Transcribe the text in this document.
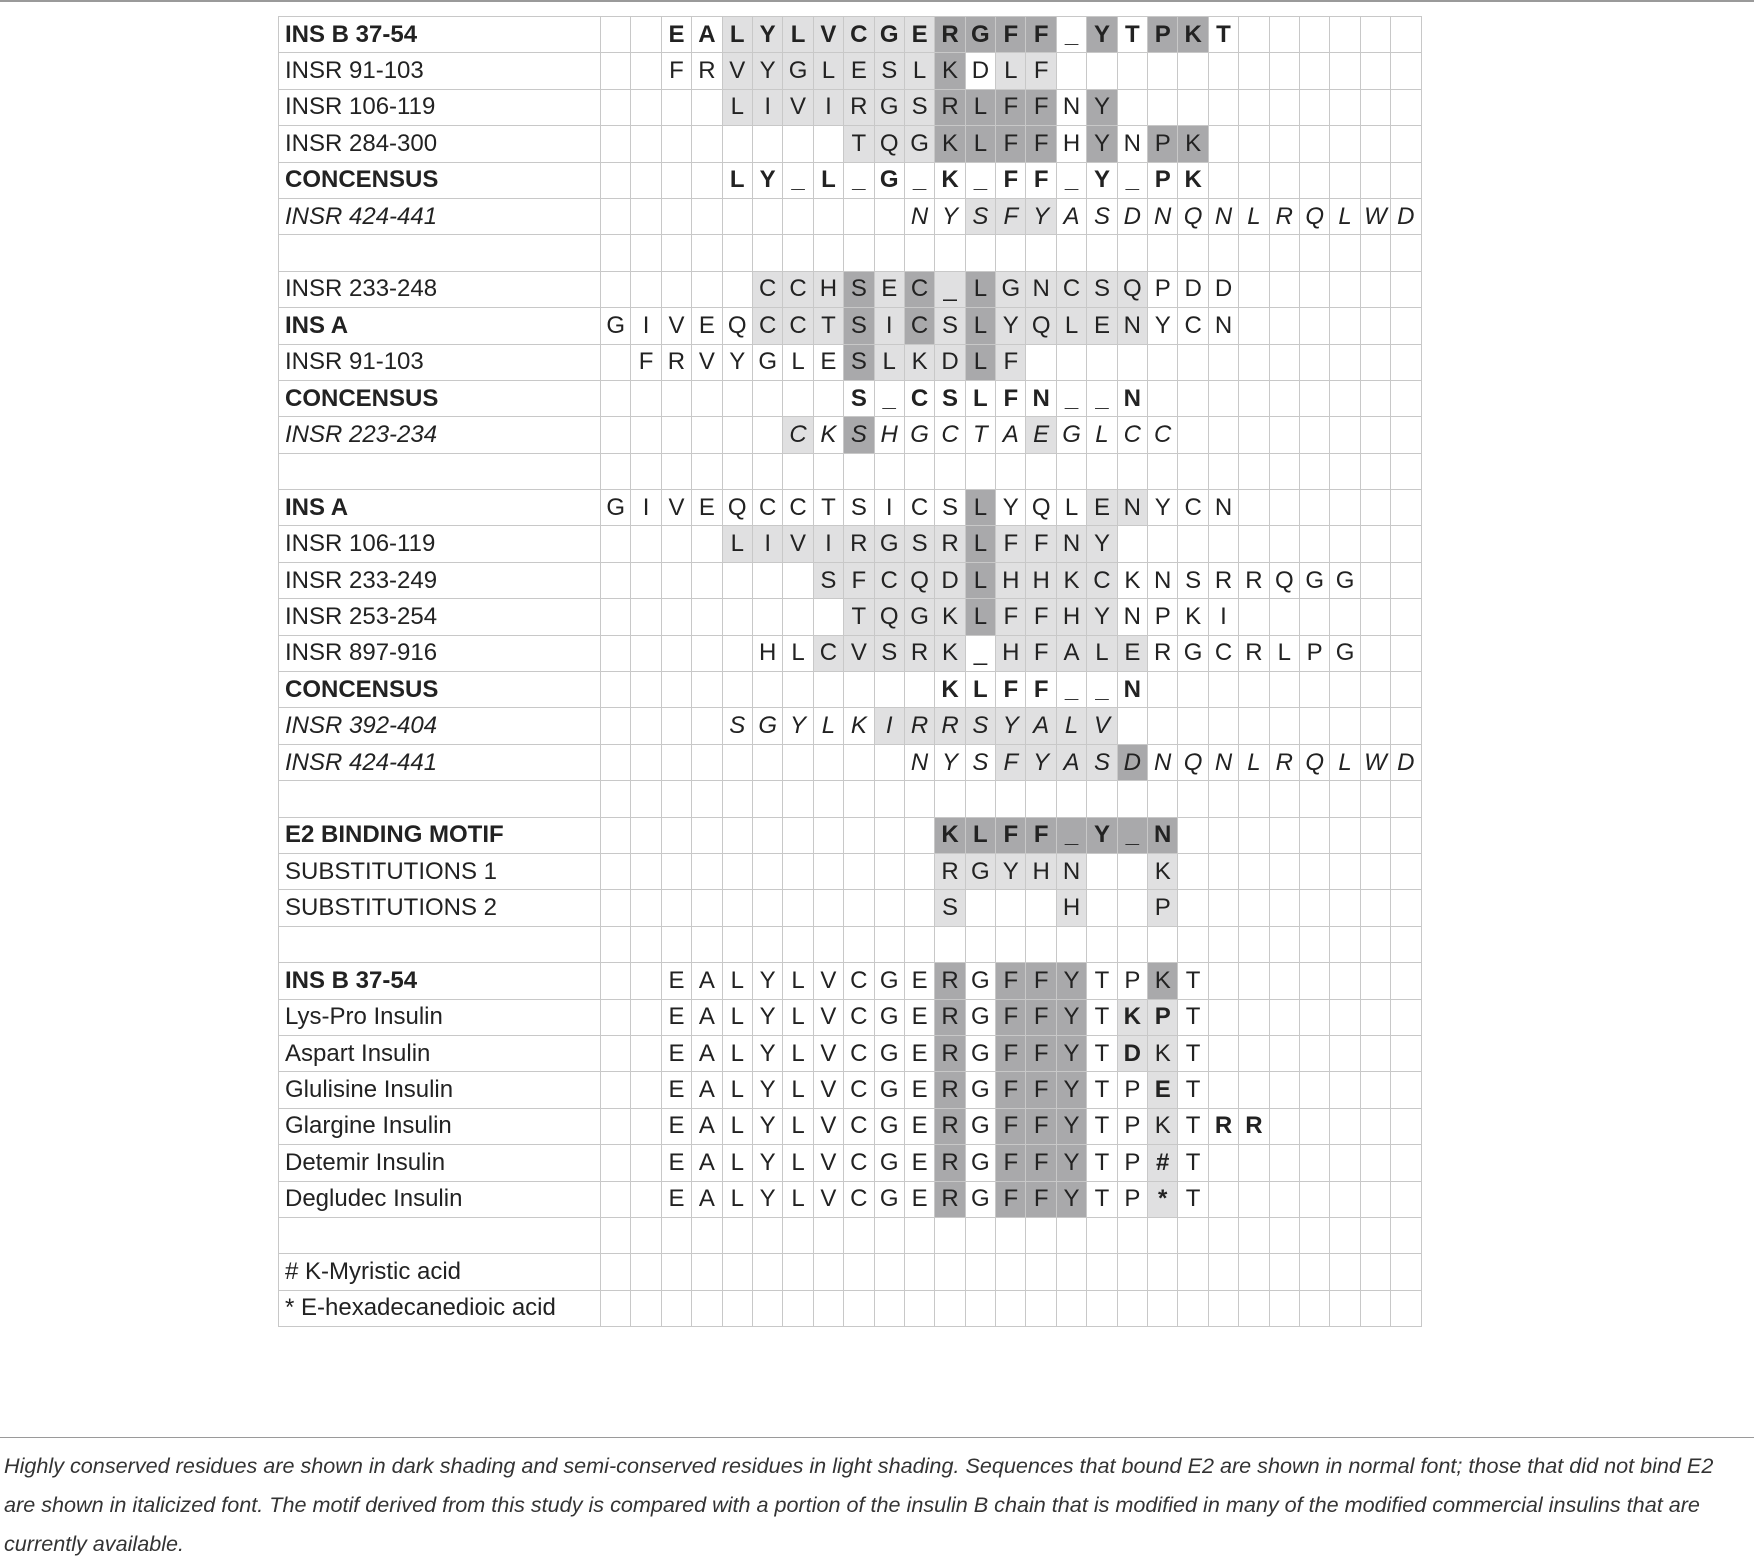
INS B 37-54			E	A	L	Y	L	V	C	G	E	R	G	F	F	_	Y	T	P	K	T						
INSR 91-103			F	R	V	Y	G	L	E	S	L	K	D	L	F												
INSR 106-119					L	I	V	I	R	G	S	R	L	F	F	N	Y										
INSR 284-300									T	Q	G	K	L	F	F	H	Y	N	P	K							
CONCENSUS					L	Y	_	L	_	G	_	K	_	F	F	_	Y	_	P	K							
INSR 424-441											N	Y	S	F	Y	A	S	D	N	Q	N	L	R	Q	L	W	D

INSR 233-248						C	C	H	S	E	C	_	L	G	N	C	S	Q	P	D	D						
INS A	G	I	V	E	Q	C	C	T	S	I	C	S	L	Y	Q	L	E	N	Y	C	N						
INSR 91-103		F	R	V	Y	G	L	E	S	L	K	D	L	F													
CONCENSUS									S	_	C	S	L	F	N	_	_	N									
INSR 223-234							C	K	S	H	G	C	T	A	E	G	L	C	C								

INS A	G	I	V	E	Q	C	C	T	S	I	C	S	L	Y	Q	L	E	N	Y	C	N						
INSR 106-119					L	I	V	I	R	G	S	R	L	F	F	N	Y										
INSR 233-249								S	F	C	Q	D	L	H	H	K	C	K	N	S	R	R	Q	G	G		
INSR 253-254									T	Q	G	K	L	F	F	H	Y	N	P	K	I						
INSR 897-916						H	L	C	V	S	R	K	_	H	F	A	L	E	R	G	C	R	L	P	G		
CONCENSUS												K	L	F	F	_	_	N									
INSR 392-404					S	G	Y	L	K	I	R	R	S	Y	A	L	V										
INSR 424-441											N	Y	S	F	Y	A	S	D	N	Q	N	L	R	Q	L	W	D

E2 BINDING MOTIF												K	L	F	F	_	Y	_	N								
SUBSTITUTIONS 1												R	G	Y	H	N			K								
SUBSTITUTIONS 2												S				H			P								

INS B 37-54			E	A	L	Y	L	V	C	G	E	R	G	F	F	Y	T	P	K	T							
Lys-Pro Insulin			E	A	L	Y	L	V	C	G	E	R	G	F	F	Y	T	K	P	T							
Aspart Insulin			E	A	L	Y	L	V	C	G	E	R	G	F	F	Y	T	D	K	T							
Glulisine Insulin			E	A	L	Y	L	V	C	G	E	R	G	F	F	Y	T	P	E	T							
Glargine Insulin			E	A	L	Y	L	V	C	G	E	R	G	F	F	Y	T	P	K	T	R	R					
Detemir Insulin			E	A	L	Y	L	V	C	G	E	R	G	F	F	Y	T	P	#	T							
Degludec Insulin			E	A	L	Y	L	V	C	G	E	R	G	F	F	Y	T	P	*	T							

# K-Myristic acid																											
* E-hexadecanedioic acid																											
Highly conserved residues are shown in dark shading and semi-conserved residues in light shading. Sequences that bound E2 are shown in normal font; those that did not bind E2 are shown in italicized font. The motif derived from this study is compared with a portion of the insulin B chain that is modified in many of the modified commercial insulins that are currently available.
